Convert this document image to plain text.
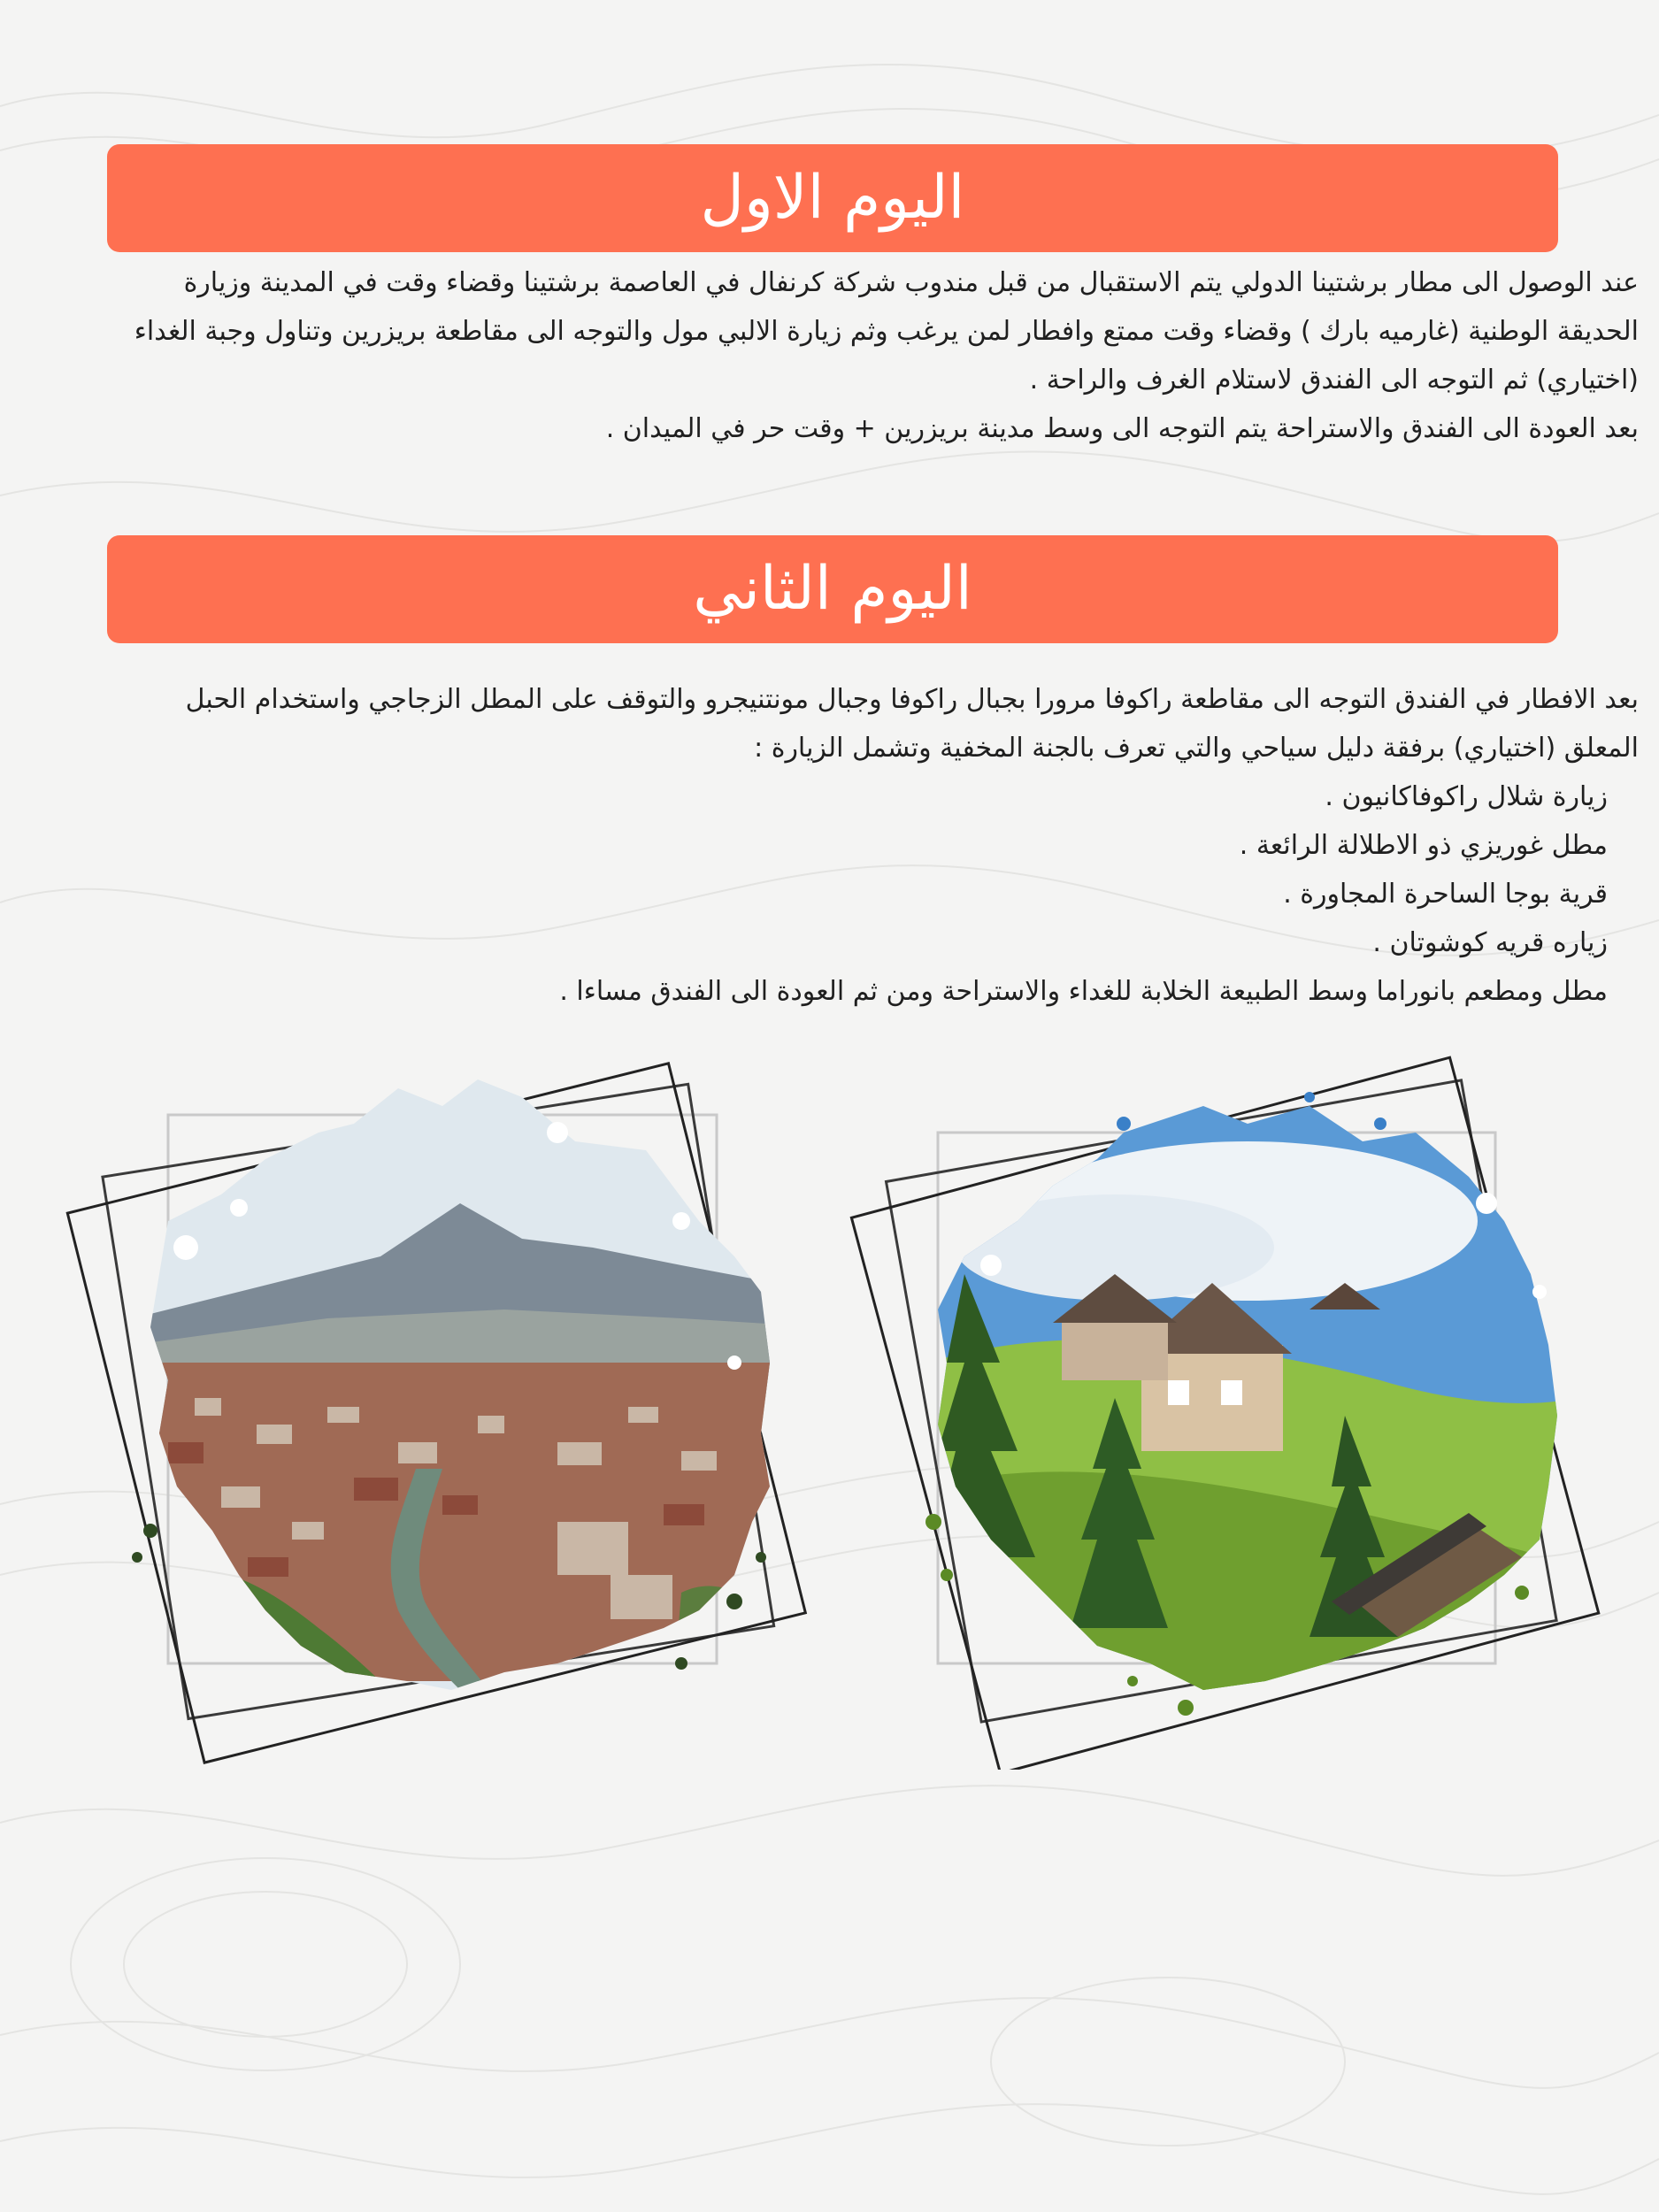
اليوم الاول

عند الوصول الى مطار برشتينا الدولي يتم الاستقبال من قبل مندوب شركة كرنفال في العاصمة برشتينا وقضاء وقت في المدينة وزيارة

الحديقة الوطنية (غارميه بارك ) وقضاء وقت ممتع وافطار لمن يرغب وثم زيارة الالبي مول والتوجه الى مقاطعة بريزرين وتناول وجبة الغداء

(اختياري) ثم التوجه الى الفندق لاستلام الغرف والراحة .

بعد العودة الى الفندق والاستراحة يتم التوجه الى وسط مدينة بريزرين + وقت حر في الميدان .

اليوم الثاني

بعد الافطار في الفندق التوجه الى مقاطعة راكوفا مرورا بجبال راكوفا وجبال مونتنيجرو والتوقف على المطل الزجاجي واستخدام الحبل

المعلق (اختياري) برفقة دليل سياحي والتي تعرف بالجنة المخفية وتشمل الزيارة :

زيارة شلال راكوفاكانيون .

مطل غوريزي ذو الاطلالة الرائعة .

قرية بوجا الساحرة المجاورة .

زياره قريه كوشوتان .

مطل ومطعم بانوراما وسط الطبيعة الخلابة للغداء والاستراحة ومن ثم العودة الى الفندق مساءا .
